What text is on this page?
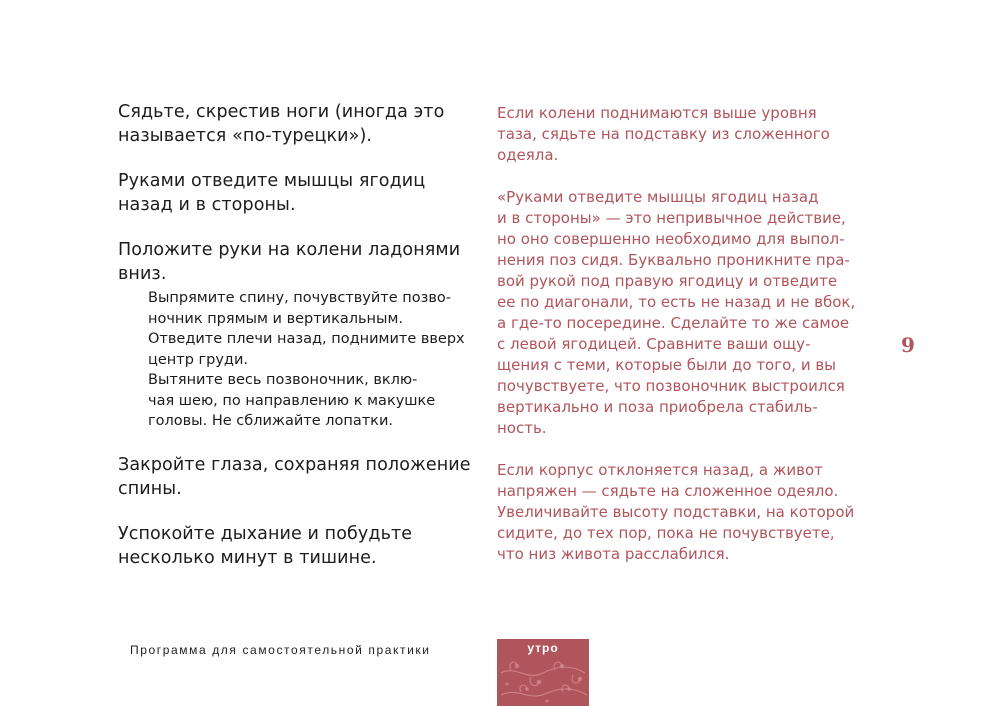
Сядьте, скрестив ноги (иногда это
называется «по-турецки»).

Руками отведите мышцы ягодиц
назад и в стороны.

Положите руки на колени ладонями
вниз.

Выпрямите спину, почувствуйте позво-
ночник прямым и вертикальным.

Отведите плечи назад, поднимите вверх
центр груди.

Вытяните весь позвоночник, вклю-
чая шею, по направлению к макушке
головы. Не сближайте лопатки.

Закройте глаза, сохраняя положение
спины.

Успокойте дыхание и побудьте
несколько минут в тишине.

Если колени поднимаются выше уровня
таза, сядьте на подставку из сложенного
одеяла.

«Руками отведите мышцы ягодиц назад
и в стороны» — это непривычное действие,
но оно совершенно необходимо для выпол-
нения поз сидя. Буквально проникните пра-
вой рукой под правую ягодицу и отведите
ее по диагонали, то есть не назад и не вбок,
а где-то посередине. Сделайте то же самое
с левой ягодицей. Сравните ваши ощу-
щения с теми, которые были до того, и вы
почувствуете, что позвоночник выстроился
вертикально и поза приобрела стабиль-
ность.

Если корпус отклоняется назад, а живот
напряжен — сядьте на сложенное одеяло.
Увеличивайте высоту подставки, на которой
сидите, до тех пор, пока не почувствуете,
что низ живота расслабился.

9
Программа для самостоятельной практики	утро
